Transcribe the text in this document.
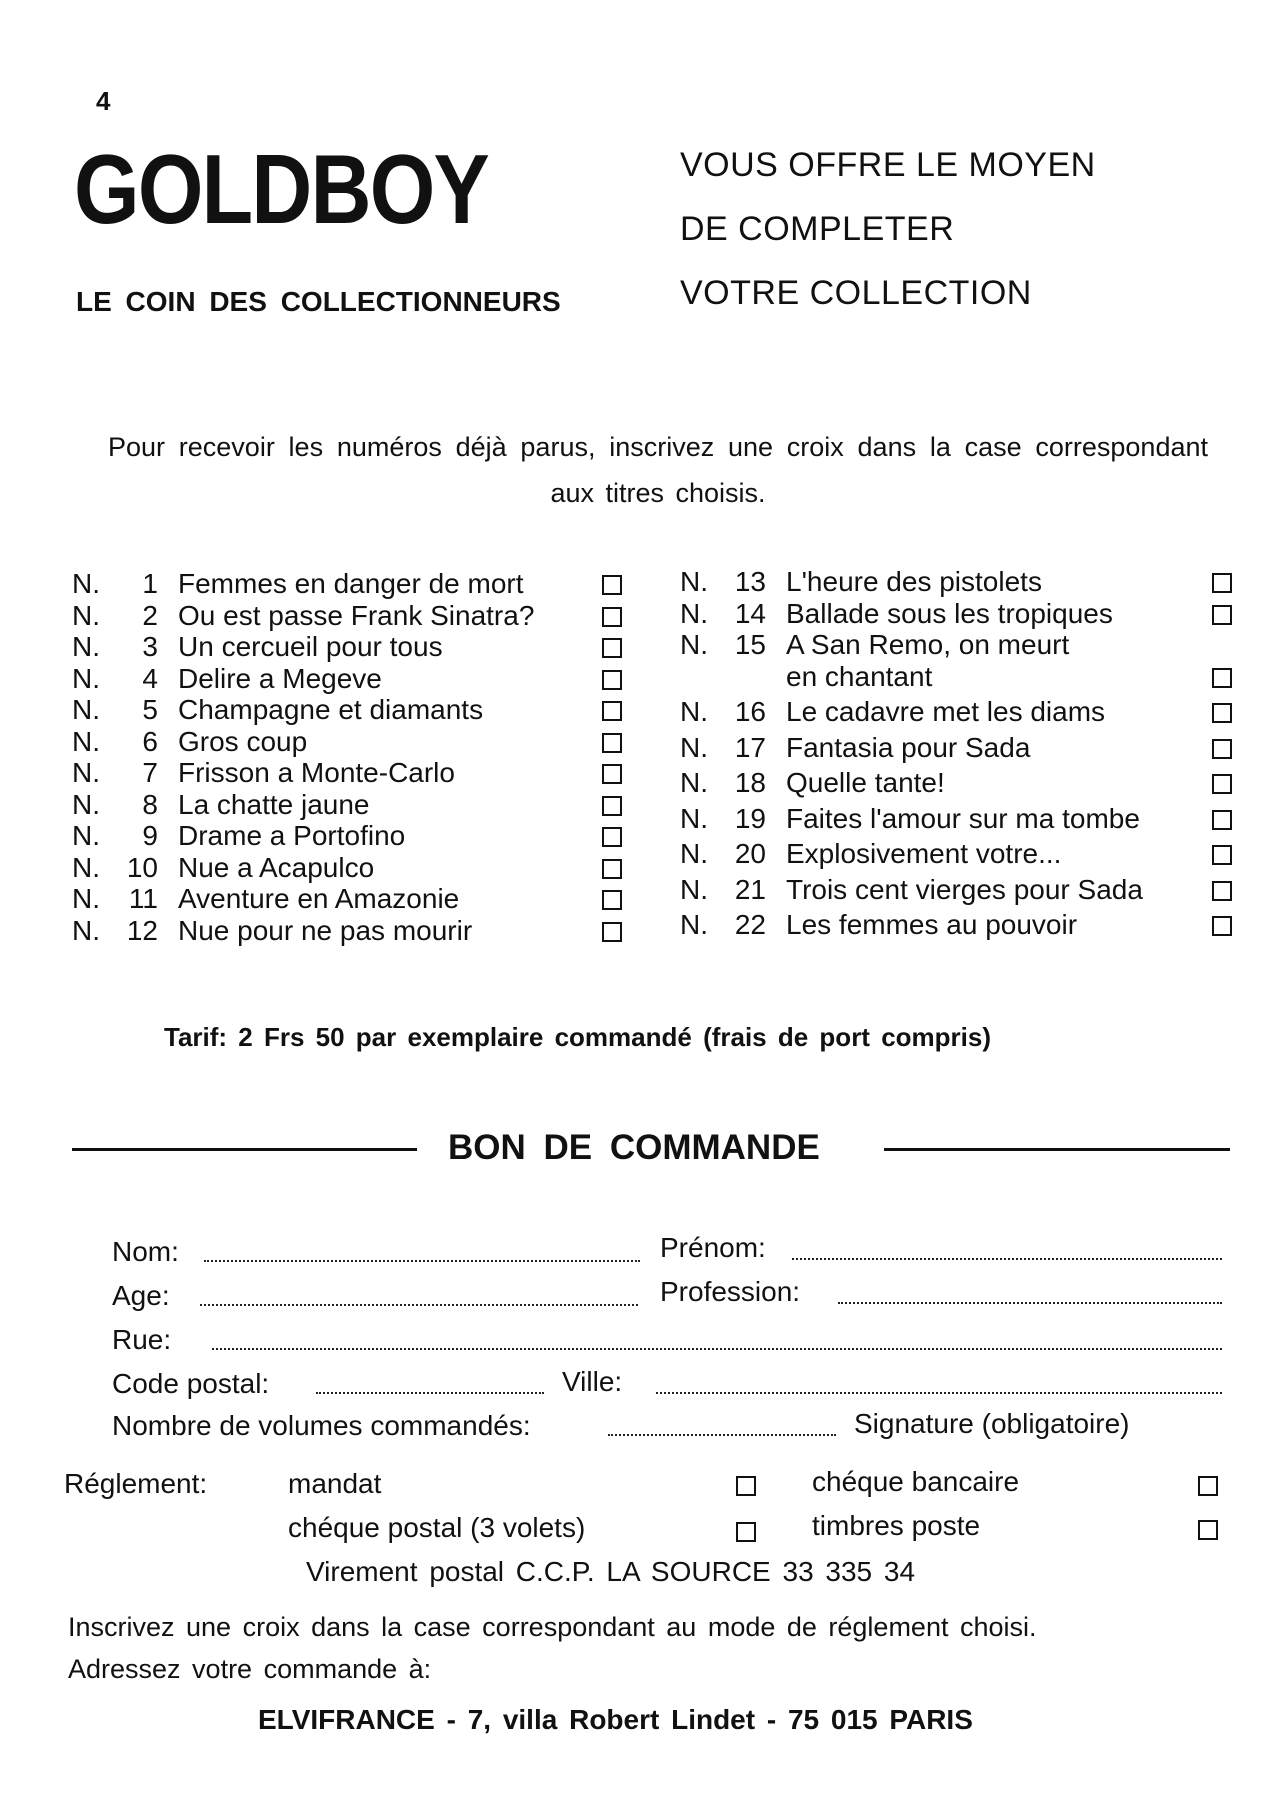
4
GOLDBOY
LE COIN DES COLLECTIONNEURS
VOUS OFFRE LE MOYEN
DE COMPLETER
VOTRE COLLECTION
Pour recevoir les numéros déjà parus, inscrivez une croix dans la case correspondant aux titres choisis.
N. 1 Femmes en danger de mort
N. 2 Ou est passe Frank Sinatra?
N. 3 Un cercueil pour tous
N. 4 Delire a Megeve
N. 5 Champagne et diamants
N. 6 Gros coup
N. 7 Frisson a Monte-Carlo
N. 8 La chatte jaune
N. 9 Drame a Portofino
N. 10 Nue a Acapulco
N. 11 Aventure en Amazonie
N. 12 Nue pour ne pas mourir
N. 13 L'heure des pistolets
N. 14 Ballade sous les tropiques
N. 15 A San Remo, on meurt
en chantant
N. 16 Le cadavre met les diams
N. 17 Fantasia pour Sada
N. 18 Quelle tante!
N. 19 Faites l'amour sur ma tombe
N. 20 Explosivement votre...
N. 21 Trois cent vierges pour Sada
N. 22 Les femmes au pouvoir
Tarif: 2 Frs 50 par exemplaire commandé (frais de port compris)
BON DE COMMANDE
Nom:	Prénom:
Age:	Profession:
Rue:
Code postal:	Ville:
Nombre de volumes commandés:	Signature (obligatoire)
Réglement:	mandat	chéque bancaire
chéque postal (3 volets)	timbres poste
Virement postal C.C.P. LA SOURCE 33 335 34
Inscrivez une croix dans la case correspondant au mode de réglement choisi.
Adressez votre commande à:
ELVIFRANCE - 7, villa Robert Lindet - 75 015 PARIS
